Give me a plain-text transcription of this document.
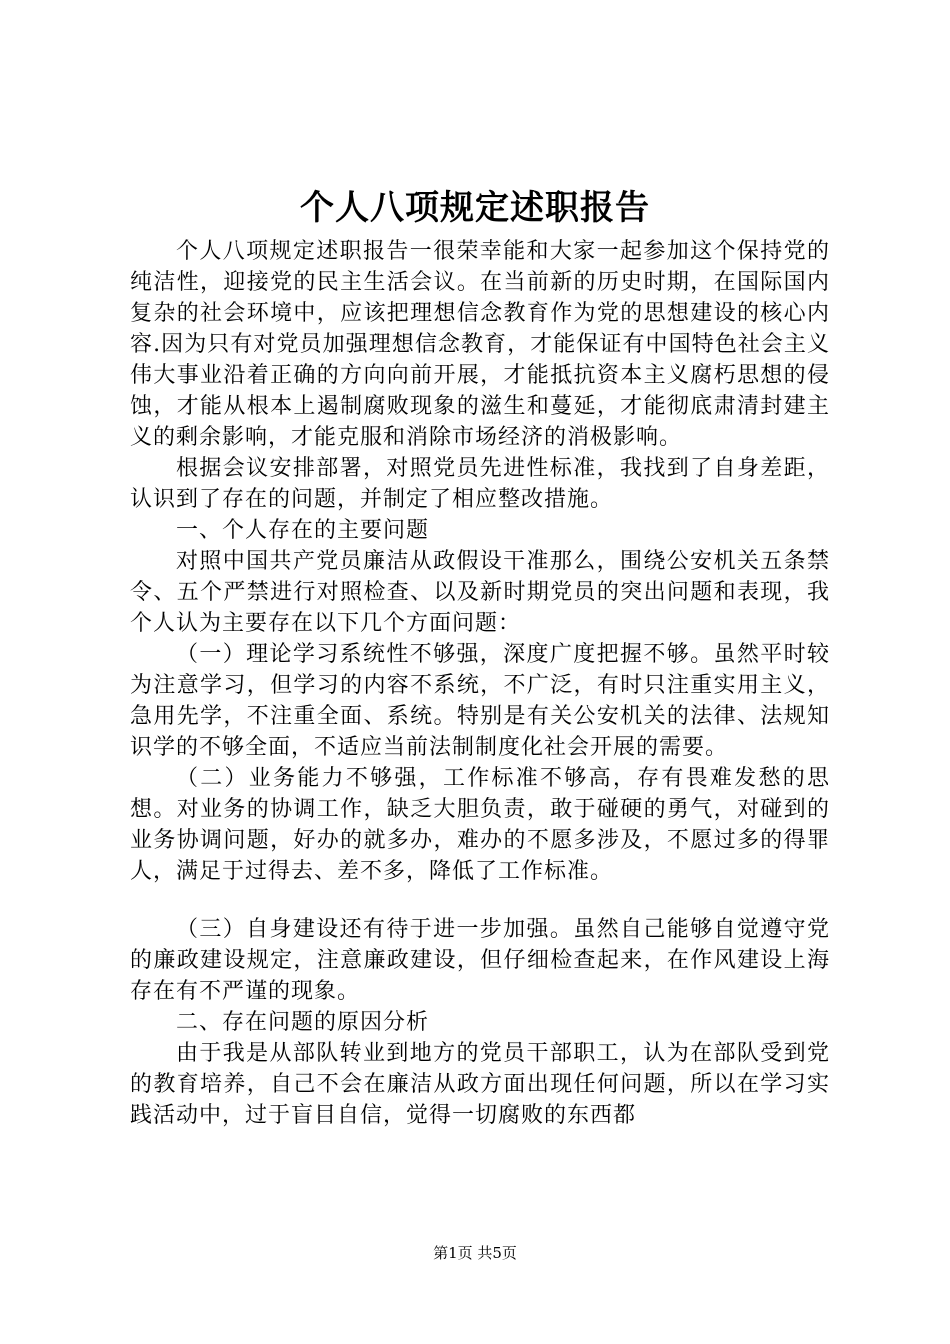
个人八项规定述职报告

个人八项规定述职报告一很荣幸能和大家一起参加这个保持党的纯洁性，迎接党的民主生活会议。在当前新的历史时期，在国际国内复杂的社会环境中，应该把理想信念教育作为党的思想建设的核心内容.因为只有对党员加强理想信念教育，才能保证有中国特色社会主义伟大事业沿着正确的方向向前开展，才能抵抗资本主义腐朽思想的侵蚀，才能从根本上遏制腐败现象的滋生和蔓延，才能彻底肃清封建主义的剩余影响，才能克服和消除市场经济的消极影响。

根据会议安排部署，对照党员先进性标准，我找到了自身差距，认识到了存在的问题，并制定了相应整改措施。

一、个人存在的主要问题

对照中国共产党员廉洁从政假设干准那么，围绕公安机关五条禁令、五个严禁进行对照检查、以及新时期党员的突出问题和表现，我个人认为主要存在以下几个方面问题：

（一）理论学习系统性不够强，深度广度把握不够。虽然平时较为注意学习，但学习的内容不系统，不广泛，有时只注重实用主义，急用先学，不注重全面、系统。特别是有关公安机关的法律、法规知识学的不够全面，不适应当前法制制度化社会开展的需要。

（二）业务能力不够强，工作标准不够高，存有畏难发愁的思想。对业务的协调工作，缺乏大胆负责，敢于碰硬的勇气，对碰到的业务协调问题，好办的就多办，难办的不愿多涉及，不愿过多的得罪人，满足于过得去、差不多，降低了工作标准。

（三）自身建设还有待于进一步加强。虽然自己能够自觉遵守党的廉政建设规定，注意廉政建设，但仔细检查起来，在作风建设上海存在有不严谨的现象。

二、存在问题的原因分析

由于我是从部队转业到地方的党员干部职工，认为在部队受到党的教育培养，自己不会在廉洁从政方面出现任何问题，所以在学习实践活动中，过于盲目自信，觉得一切腐败的东西都

第1页 共5页
